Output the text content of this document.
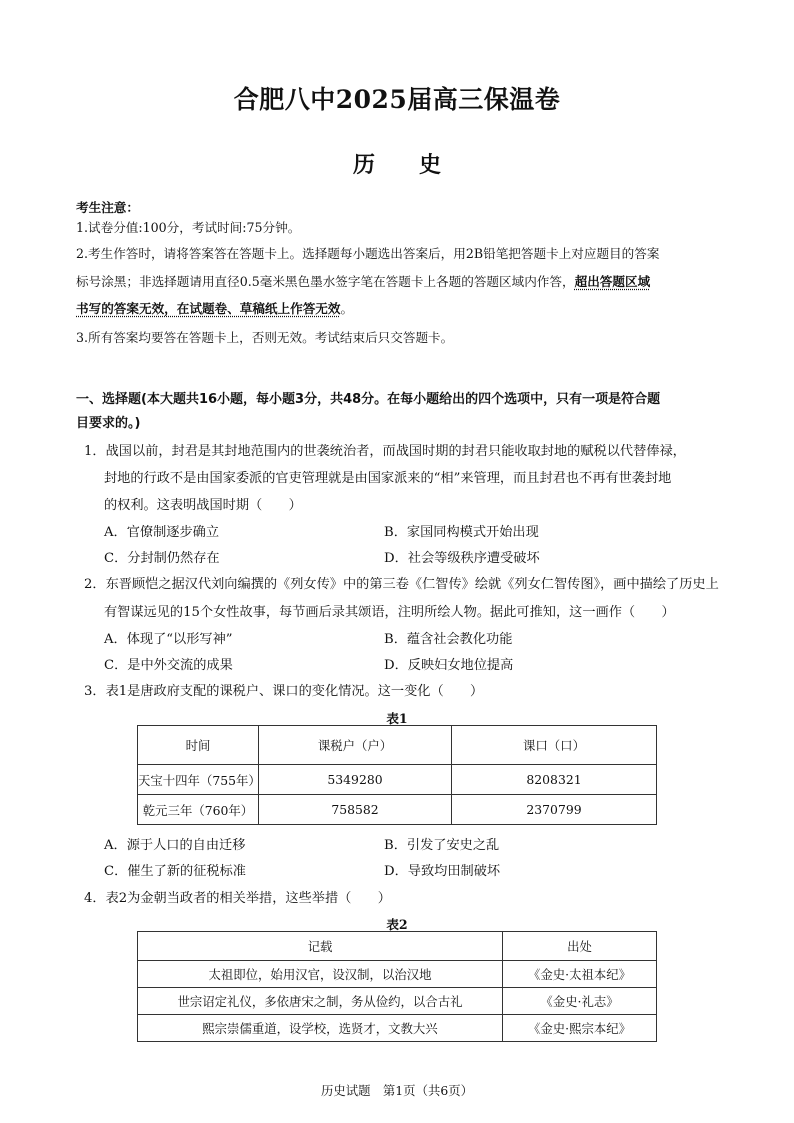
合肥八中2025届高三保温卷
历 史
考生注意：
1.试卷分值:100分，考试时间:75分钟。
2.考生作答时，请将答案答在答题卡上。选择题每小题选出答案后，用2B铅笔把答题卡上对应题目的答案
标号涂黑；非选择题请用直径0.5毫米黑色墨水签字笔在答题卡上各题的答题区域内作答，超出答题区域
书写的答案无效，在试题卷、草稿纸上作答无效。
3.所有答案均要答在答题卡上，否则无效。考试结束后只交答题卡。
一、选择题(本大题共16小题，每小题3分，共48分。在每小题给出的四个选项中，只有一项是符合题
目要求的。)
1．战国以前，封君是其封地范围内的世袭统治者，而战国时期的封君只能收取封地的赋税以代替俸禄，
封地的行政不是由国家委派的官吏管理就是由国家派来的“相”来管理，而且封君也不再有世袭封地
的权利。这表明战国时期（　　）
A．官僚制逐步确立	B．家国同构模式开始出现
C．分封制仍然存在	D．社会等级秩序遭受破坏
2．东晋顾恺之据汉代刘向编撰的《列女传》中的第三卷《仁智传》绘就《列女仁智传图》，画中描绘了历史上
有智谋远见的15个女性故事，每节画后录其颂语，注明所绘人物。据此可推知，这一画作（　　）
A．体现了“以形写神”	B．蕴含社会教化功能
C．是中外交流的成果	D．反映妇女地位提高
3．表1是唐政府支配的课税户、课口的变化情况。这一变化（　　）
表1
时间	课税户（户）	课口（口）
天宝十四年（755年）	5349280	8208321
乾元三年（760年）	758582	2370799
A．源于人口的自由迁移	B．引发了安史之乱
C．催生了新的征税标准	D．导致均田制破坏
4．表2为金朝当政者的相关举措，这些举措（　　）
表2
记载	出处
太祖即位，始用汉官，设汉制，以治汉地	《金史·太祖本纪》
世宗诏定礼仪，多依唐宋之制，务从俭约，以合古礼	《金史·礼志》
熙宗崇儒重道，设学校，选贤才，文教大兴	《金史·熙宗本纪》
历史试题　第1页（共6页）
